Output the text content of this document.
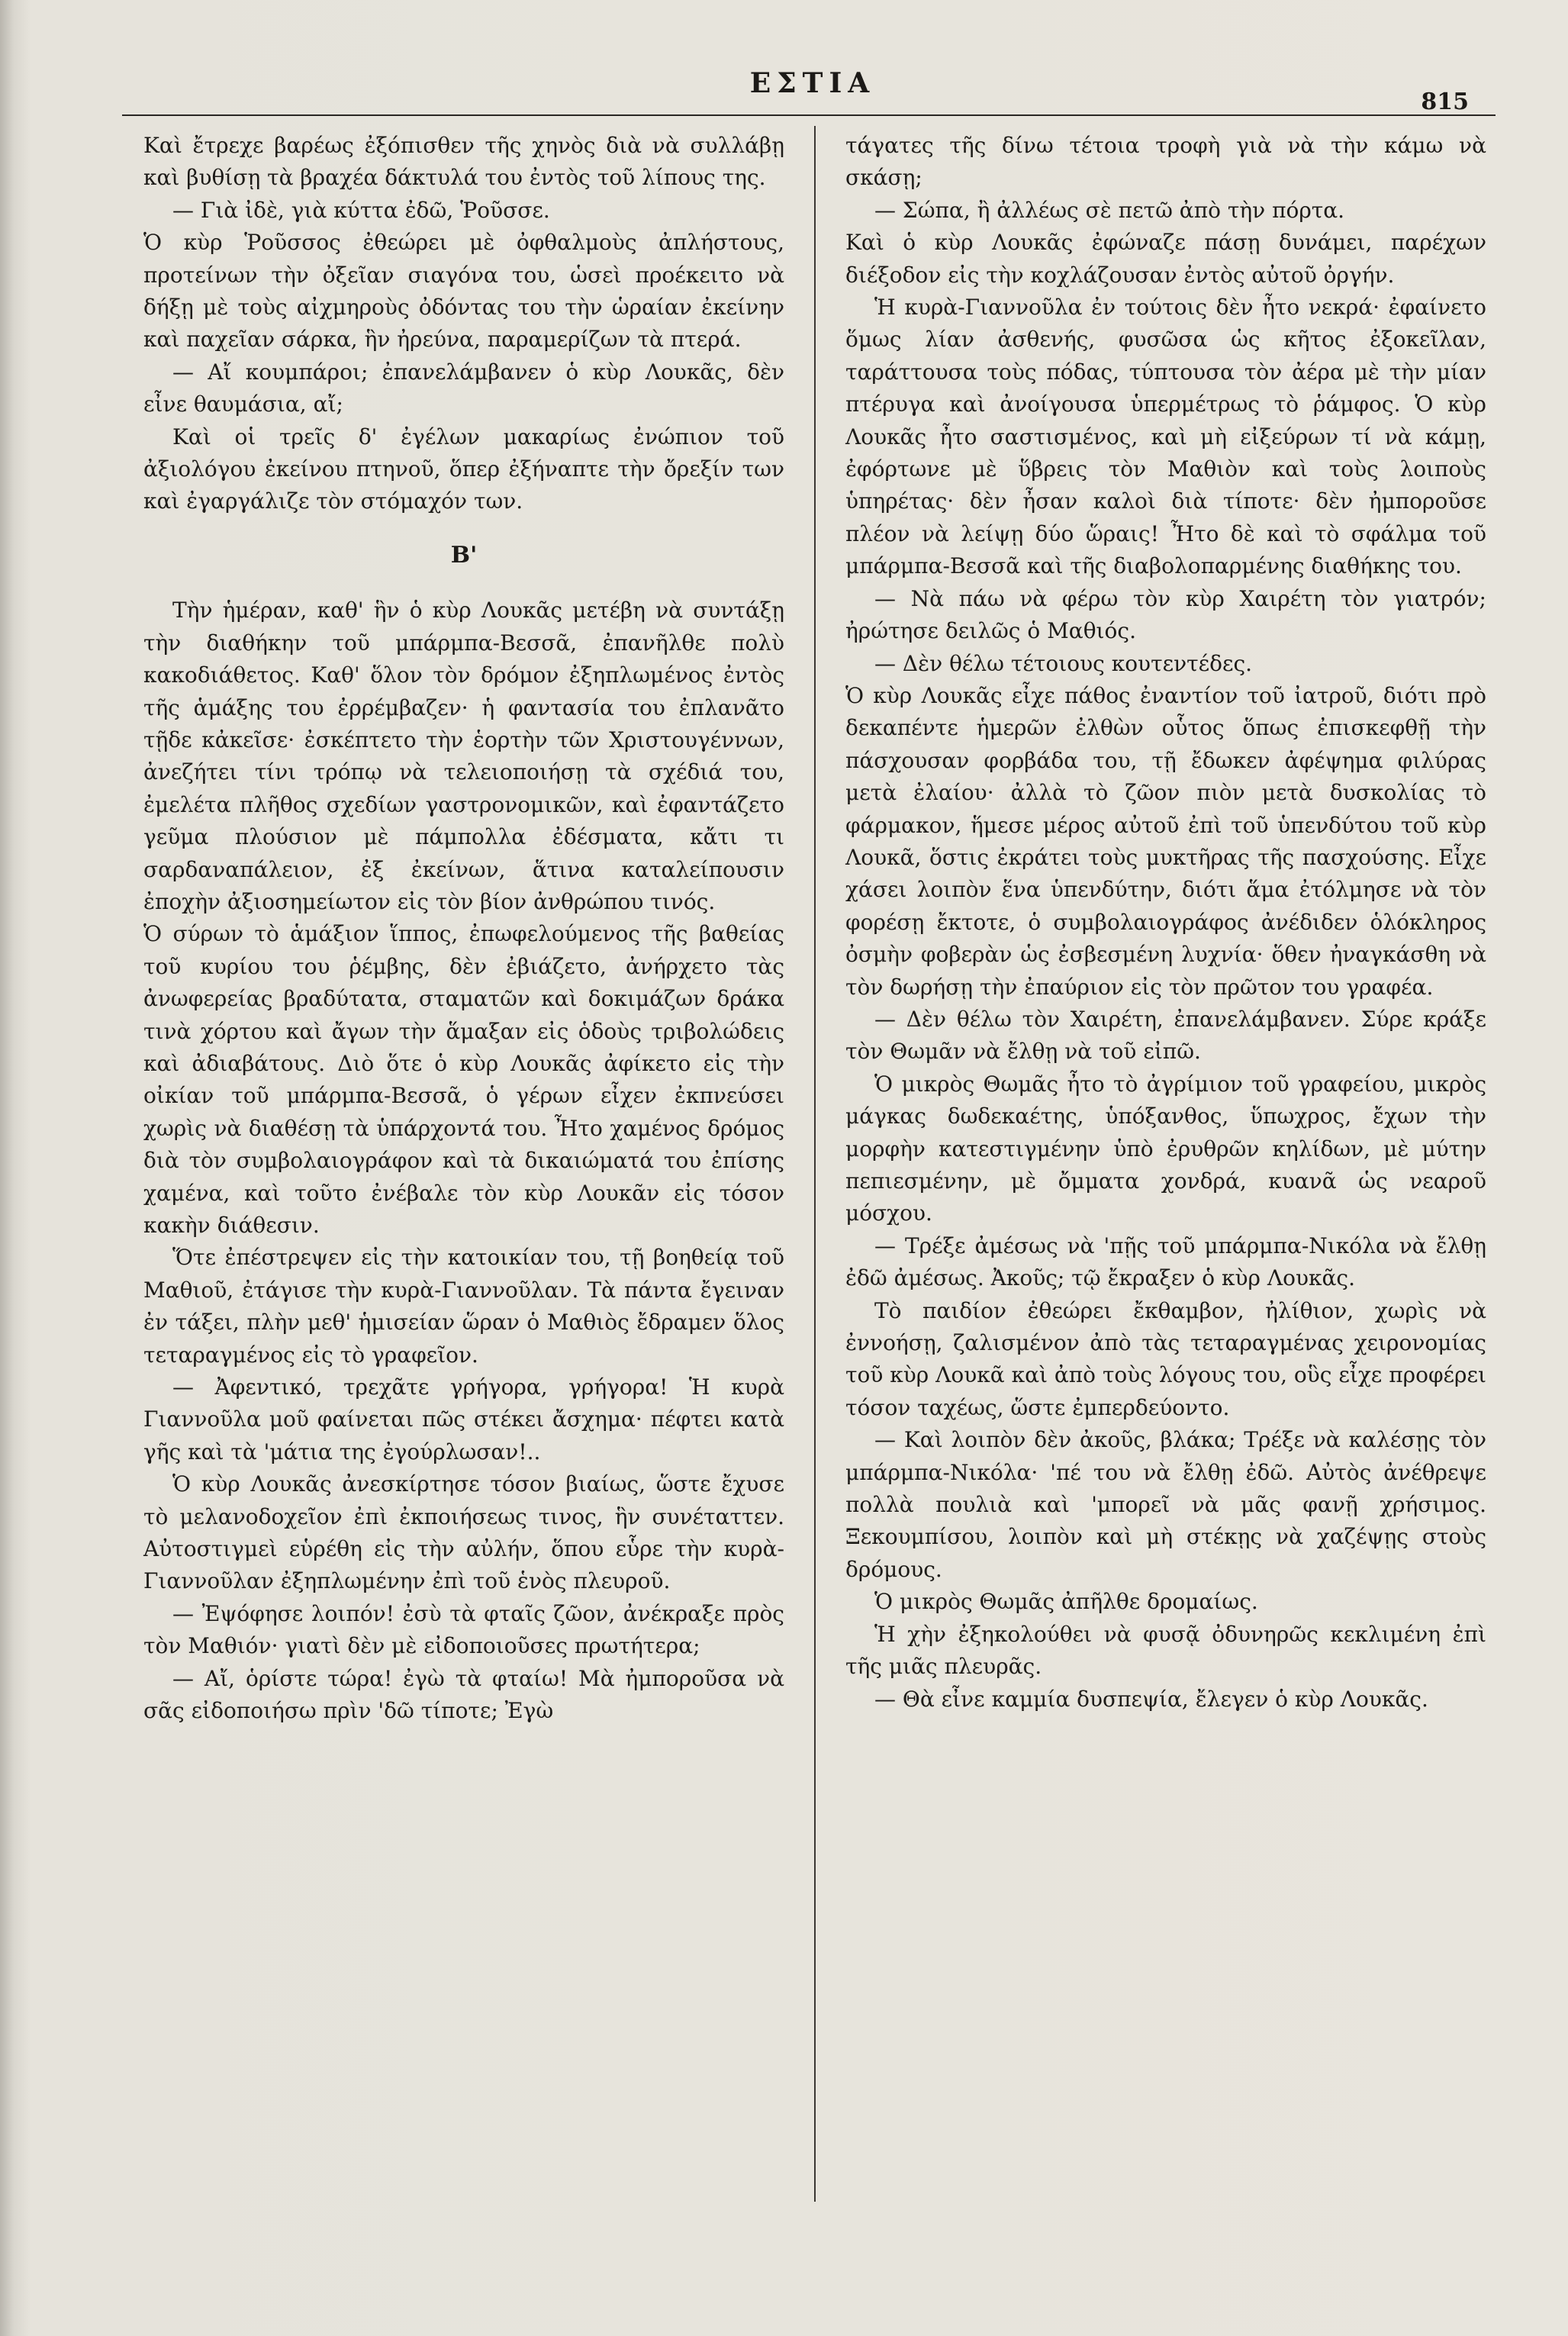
ΕΣΤΙΑ
815

Καὶ ἔτρεχε βαρέως ἐξόπισθεν τῆς χηνὸς διὰ νὰ συλλάβῃ καὶ βυθίσῃ τὰ βραχέα δάκτυλά του ἐντὸς τοῦ λίπους της.

— Γιὰ ἰδὲ, γιὰ κύττα ἐδῶ, Ῥοῦσσε.

Ὁ κὺρ Ῥοῦσσος ἐθεώρει μὲ ὀφθαλμοὺς ἀπλήστους, προτείνων τὴν ὀξεῖαν σιαγόνα του, ὡσεὶ προέκειτο νὰ δήξῃ μὲ τοὺς αἰχμηροὺς ὀδόντας του τὴν ὡραίαν ἐκείνην καὶ παχεῖαν σάρκα, ἣν ἠρεύνα, παραμερίζων τὰ πτερά.

— Αἴ κουμπάροι; ἐπανελάμβανεν ὁ κὺρ Λουκᾶς, δὲν εἶνε θαυμάσια, αἴ;

Καὶ οἱ τρεῖς δ' ἐγέλων μακαρίως ἐνώπιον τοῦ ἀξιολόγου ἐκείνου πτηνοῦ, ὅπερ ἐξήναπτε τὴν ὄρεξίν των καὶ ἐγαργάλιζε τὸν στόμαχόν των.

Β'

Τὴν ἡμέραν, καθ' ἣν ὁ κὺρ Λουκᾶς μετέβη νὰ συντάξῃ τὴν διαθήκην τοῦ μπάρμπα-Βεσσᾶ, ἐπανῆλθε πολὺ κακοδιάθετος. Καθ' ὅλον τὸν δρόμον ἐξηπλωμένος ἐντὸς τῆς ἁμάξης του ἐρρέμβαζεν· ἡ φαντασία του ἐπλανᾶτο τῇδε κἀκεῖσε· ἐσκέπτετο τὴν ἑορτὴν τῶν Χριστουγέννων, ἀνεζήτει τίνι τρόπῳ νὰ τελειοποιήσῃ τὰ σχέδιά του, ἐμελέτα πλῆθος σχεδίων γαστρονομικῶν, καὶ ἐφαντάζετο γεῦμα πλούσιον μὲ πάμπολλα ἐδέσματα, κἄτι τι σαρδαναπάλειον, ἐξ ἐκείνων, ἅτινα καταλείπουσιν ἐποχὴν ἀξιοσημείωτον εἰς τὸν βίον ἀνθρώπου τινός.

Ὁ σύρων τὸ ἁμάξιον ἵππος, ἐπωφελούμενος τῆς βαθείας τοῦ κυρίου του ῥέμβης, δὲν ἐβιάζετο, ἀνήρχετο τὰς ἀνωφερείας βραδύτατα, σταματῶν καὶ δοκιμάζων δράκα τινὰ χόρτου καὶ ἄγων τὴν ἅμαξαν εἰς ὁδοὺς τριβολώδεις καὶ ἀδιαβάτους. Διὸ ὅτε ὁ κὺρ Λουκᾶς ἀφίκετο εἰς τὴν οἰκίαν τοῦ μπάρμπα-Βεσσᾶ, ὁ γέρων εἶχεν ἐκπνεύσει χωρὶς νὰ διαθέσῃ τὰ ὑπάρχοντά του. Ἦτο χαμένος δρόμος διὰ τὸν συμβολαιογράφον καὶ τὰ δικαιώματά του ἐπίσης χαμένα, καὶ τοῦτο ἐνέβαλε τὸν κὺρ Λουκᾶν εἰς τόσον κακὴν διάθεσιν.

Ὅτε ἐπέστρεψεν εἰς τὴν κατοικίαν του, τῇ βοηθείᾳ τοῦ Μαθιοῦ, ἐτάγισε τὴν κυρὰ-Γιαννοῦλαν. Τὰ πάντα ἔγειναν ἐν τάξει, πλὴν μεθ' ἡμισείαν ὥραν ὁ Μαθιὸς ἔδραμεν ὅλος τεταραγμένος εἰς τὸ γραφεῖον.

— Ἀφεντικό, τρεχᾶτε γρήγορα, γρήγορα! Ἡ κυρὰ Γιαννοῦλα μοῦ φαίνεται πῶς στέκει ἄσχημα· πέφτει κατὰ γῆς καὶ τὰ 'μάτια της ἐγούρλωσαν!..

Ὁ κὺρ Λουκᾶς ἀνεσκίρτησε τόσον βιαίως, ὥστε ἔχυσε τὸ μελανοδοχεῖον ἐπὶ ἐκποιήσεως τινος, ἣν συνέταττεν. Αὐτοστιγμεὶ εὑρέθη εἰς τὴν αὐλήν, ὅπου εὗρε τὴν κυρὰ-Γιαννοῦλαν ἐξηπλωμένην ἐπὶ τοῦ ἑνὸς πλευροῦ.

— Ἐψόφησε λοιπόν! ἐσὺ τὰ φταῖς ζῶον, ἀνέκραξε πρὸς τὸν Μαθιόν· γιατὶ δὲν μὲ εἰδοποιοῦσες πρωτήτερα;

— Αἴ, ὁρίστε τώρα! ἐγὼ τὰ φταίω! Μὰ ἠμποροῦσα νὰ σᾶς εἰδοποιήσω πρὶν 'δῶ τίποτε; Ἐγὼ

τάγατες τῆς δίνω τέτοια τροφὴ γιὰ νὰ τὴν κάμω νὰ σκάσῃ;

— Σώπα, ἢ ἀλλέως σὲ πετῶ ἀπὸ τὴν πόρτα.

Καὶ ὁ κὺρ Λουκᾶς ἐφώναζε πάσῃ δυνάμει, παρέχων διέξοδον εἰς τὴν κοχλάζουσαν ἐντὸς αὐτοῦ ὀργήν.

Ἡ κυρὰ-Γιαννοῦλα ἐν τούτοις δὲν ἦτο νεκρά· ἐφαίνετο ὅμως λίαν ἀσθενής, φυσῶσα ὡς κῆτος ἐξοκεῖλαν, ταράττουσα τοὺς πόδας, τύπτουσα τὸν ἀέρα μὲ τὴν μίαν πτέρυγα καὶ ἀνοίγουσα ὑπερμέτρως τὸ ῥάμφος. Ὁ κὺρ Λουκᾶς ἦτο σαστισμένος, καὶ μὴ εἰξεύρων τί νὰ κάμῃ, ἐφόρτωνε μὲ ὕβρεις τὸν Μαθιὸν καὶ τοὺς λοιποὺς ὑπηρέτας· δὲν ἦσαν καλοὶ διὰ τίποτε· δὲν ἠμποροῦσε πλέον νὰ λείψῃ δύο ὥραις! Ἦτο δὲ καὶ τὸ σφάλμα τοῦ μπάρμπα-Βεσσᾶ καὶ τῆς διαβολοπαρμένης διαθήκης του.

— Νὰ πάω νὰ φέρω τὸν κὺρ Χαιρέτη τὸν γιατρόν; ἠρώτησε δειλῶς ὁ Μαθιός.

— Δὲν θέλω τέτοιους κουτεντέδες.

Ὁ κὺρ Λουκᾶς εἶχε πάθος ἐναντίον τοῦ ἰατροῦ, διότι πρὸ δεκαπέντε ἡμερῶν ἐλθὼν οὗτος ὅπως ἐπισκεφθῇ τὴν πάσχουσαν φορβάδα του, τῇ ἔδωκεν ἀφέψημα φιλύρας μετὰ ἐλαίου· ἀλλὰ τὸ ζῶον πιὸν μετὰ δυσκολίας τὸ φάρμακον, ἥμεσε μέρος αὐτοῦ ἐπὶ τοῦ ὑπενδύτου τοῦ κὺρ Λουκᾶ, ὅστις ἐκράτει τοὺς μυκτῆρας τῆς πασχούσης. Εἶχε χάσει λοιπὸν ἕνα ὑπενδύτην, διότι ἅμα ἐτόλμησε νὰ τὸν φορέσῃ ἔκτοτε, ὁ συμβολαιογράφος ἀνέδιδεν ὁλόκληρος ὀσμὴν φοβερὰν ὡς ἐσβεσμένη λυχνία· ὅθεν ἠναγκάσθη νὰ τὸν δωρήσῃ τὴν ἐπαύριον εἰς τὸν πρῶτον του γραφέα.

— Δὲν θέλω τὸν Χαιρέτη, ἐπανελάμβανεν. Σύρε κράξε τὸν Θωμᾶν νὰ ἔλθῃ νὰ τοῦ εἰπῶ.

Ὁ μικρὸς Θωμᾶς ἦτο τὸ ἀγρίμιον τοῦ γραφείου, μικρὸς μάγκας δωδεκαέτης, ὑπόξανθος, ὕπωχρος, ἔχων τὴν μορφὴν κατεστιγμένην ὑπὸ ἐρυθρῶν κηλίδων, μὲ μύτην πεπιεσμένην, μὲ ὄμματα χονδρά, κυανᾶ ὡς νεαροῦ μόσχου.

— Τρέξε ἀμέσως νὰ 'πῇς τοῦ μπάρμπα-Νικόλα νὰ ἔλθῃ ἐδῶ ἀμέσως. Ἀκοῦς; τῷ ἔκραξεν ὁ κὺρ Λουκᾶς.

Τὸ παιδίον ἐθεώρει ἔκθαμβον, ἠλίθιον, χωρὶς νὰ ἐννοήσῃ, ζαλισμένον ἀπὸ τὰς τεταραγμένας χειρονομίας τοῦ κὺρ Λουκᾶ καὶ ἀπὸ τοὺς λόγους του, οὓς εἶχε προφέρει τόσον ταχέως, ὥστε ἐμπερδεύοντο.

— Καὶ λοιπὸν δὲν ἀκοῦς, βλάκα; Τρέξε νὰ καλέσῃς τὸν μπάρμπα-Νικόλα· 'πέ του νὰ ἔλθῃ ἐδῶ. Αὐτὸς ἀνέθρεψε πολλὰ πουλιὰ καὶ 'μπορεῖ νὰ μᾶς φανῇ χρήσιμος. Ξεκουμπίσου, λοιπὸν καὶ μὴ στέκῃς νὰ χαζέψῃς στοὺς δρόμους.

Ὁ μικρὸς Θωμᾶς ἀπῆλθε δρομαίως.

Ἡ χὴν ἐξηκολούθει νὰ φυσᾷ ὀδυνηρῶς κεκλιμένη ἐπὶ τῆς μιᾶς πλευρᾶς.

— Θὰ εἶνε καμμία δυσπεψία, ἔλεγεν ὁ κὺρ Λουκᾶς.
